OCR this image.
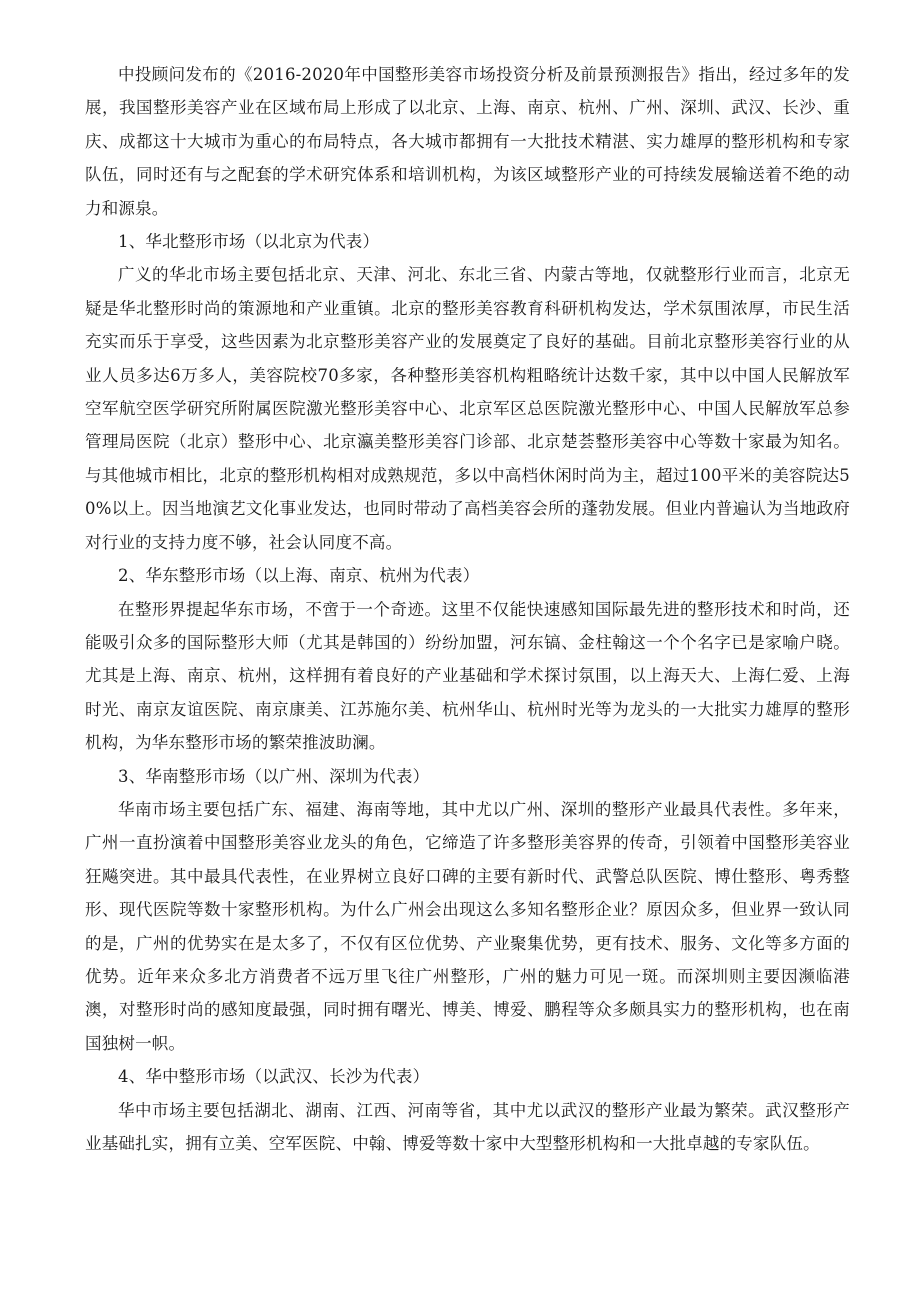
中投顾问发布的《2016-2020年中国整形美容市场投资分析及前景预测报告》指出，经过多年的发展，我国整形美容产业在区域布局上形成了以北京、上海、南京、杭州、广州、深圳、武汉、长沙、重庆、成都这十大城市为重心的布局特点，各大城市都拥有一大批技术精湛、实力雄厚的整形机构和专家队伍，同时还有与之配套的学术研究体系和培训机构，为该区域整形产业的可持续发展输送着不绝的动力和源泉。

1、华北整形市场（以北京为代表）

广义的华北市场主要包括北京、天津、河北、东北三省、内蒙古等地，仅就整形行业而言，北京无疑是华北整形时尚的策源地和产业重镇。北京的整形美容教育科研机构发达，学术氛围浓厚，市民生活充实而乐于享受，这些因素为北京整形美容产业的发展奠定了良好的基础。目前北京整形美容行业的从业人员多达6万多人，美容院校70多家，各种整形美容机构粗略统计达数千家，其中以中国人民解放军空军航空医学研究所附属医院激光整形美容中心、北京军区总医院激光整形中心、中国人民解放军总参管理局医院（北京）整形中心、北京瀛美整形美容门诊部、北京楚荟整形美容中心等数十家最为知名。与其他城市相比，北京的整形机构相对成熟规范，多以中高档休闲时尚为主，超过100平米的美容院达50%以上。因当地演艺文化事业发达，也同时带动了高档美容会所的蓬勃发展。但业内普遍认为当地政府对行业的支持力度不够，社会认同度不高。

2、华东整形市场（以上海、南京、杭州为代表）

在整形界提起华东市场，不啻于一个奇迹。这里不仅能快速感知国际最先进的整形技术和时尚，还能吸引众多的国际整形大师（尤其是韩国的）纷纷加盟，河东镐、金柱翰这一个个名字已是家喻户晓。尤其是上海、南京、杭州，这样拥有着良好的产业基础和学术探讨氛围，以上海天大、上海仁爱、上海时光、南京友谊医院、南京康美、江苏施尔美、杭州华山、杭州时光等为龙头的一大批实力雄厚的整形机构，为华东整形市场的繁荣推波助澜。

3、华南整形市场（以广州、深圳为代表）

华南市场主要包括广东、福建、海南等地，其中尤以广州、深圳的整形产业最具代表性。多年来，广州一直扮演着中国整形美容业龙头的角色，它缔造了许多整形美容界的传奇，引领着中国整形美容业狂飚突进。其中最具代表性，在业界树立良好口碑的主要有新时代、武警总队医院、博仕整形、粤秀整形、现代医院等数十家整形机构。为什么广州会出现这么多知名整形企业？原因众多，但业界一致认同的是，广州的优势实在是太多了，不仅有区位优势、产业聚集优势，更有技术、服务、文化等多方面的优势。近年来众多北方消费者不远万里飞往广州整形，广州的魅力可见一斑。而深圳则主要因濒临港澳，对整形时尚的感知度最强，同时拥有曙光、博美、博爱、鹏程等众多颇具实力的整形机构，也在南国独树一帜。

4、华中整形市场（以武汉、长沙为代表）

华中市场主要包括湖北、湖南、江西、河南等省，其中尤以武汉的整形产业最为繁荣。武汉整形产业基础扎实，拥有立美、空军医院、中翰、博爱等数十家中大型整形机构和一大批卓越的专家队伍。
